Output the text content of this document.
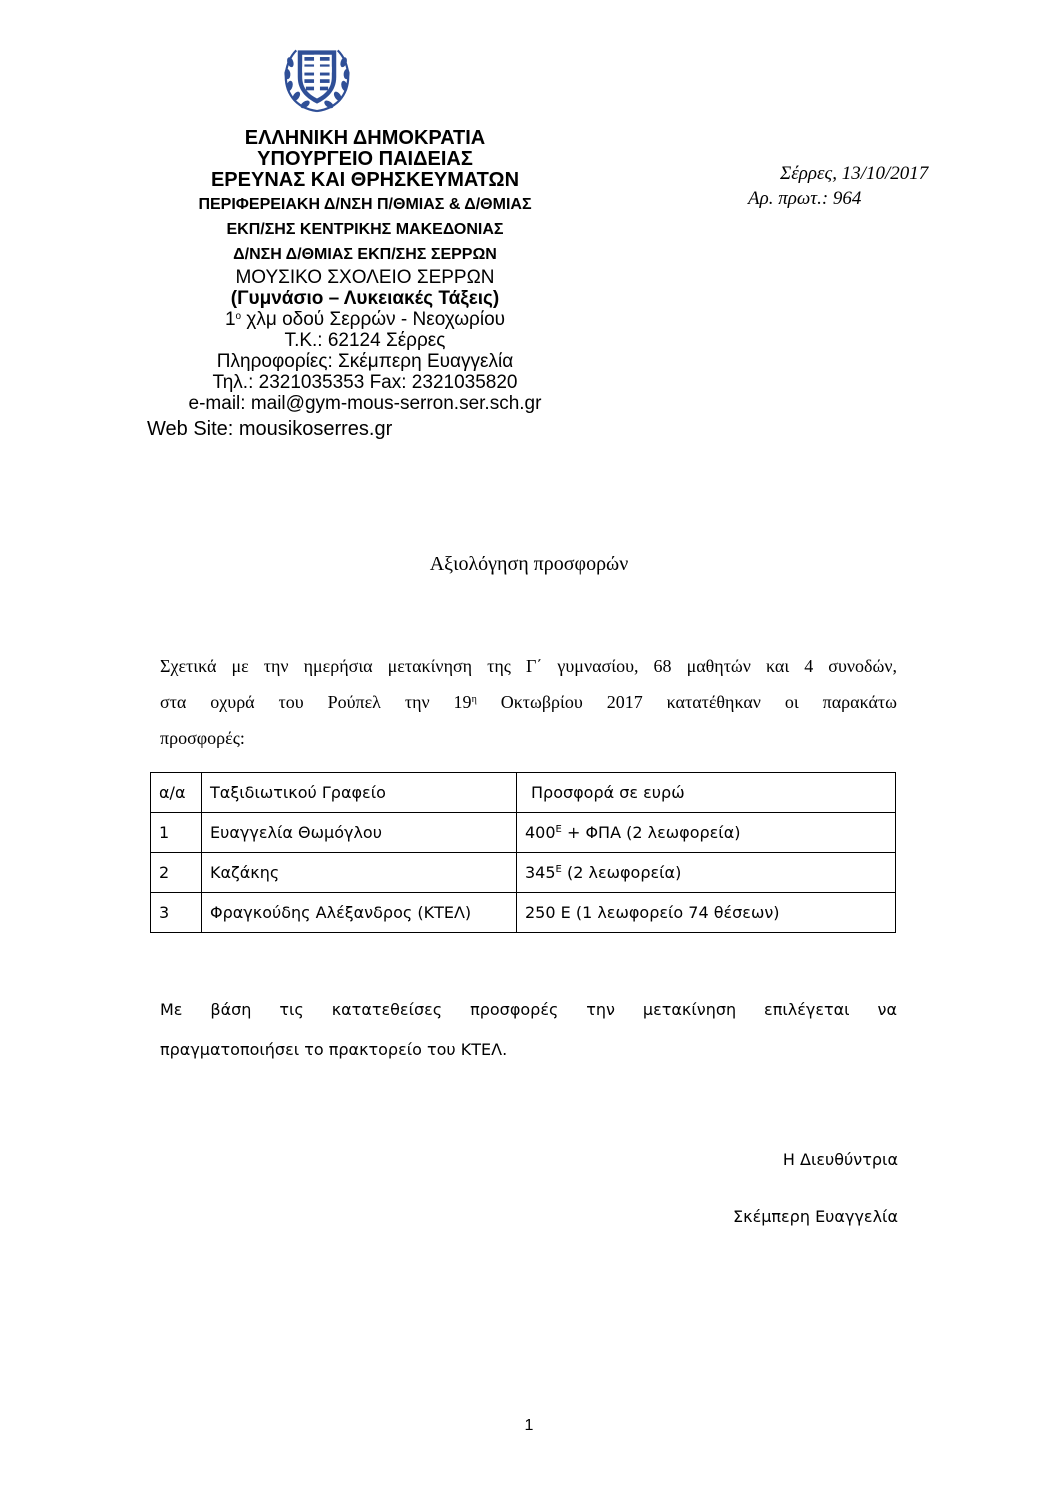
ΕΛΛΗΝΙΚΗ ΔΗΜΟΚΡΑΤΙΑ
ΥΠΟΥΡΓΕΙΟ ΠΑΙΔΕΙΑΣ
ΕΡΕΥΝΑΣ ΚΑΙ ΘΡΗΣΚΕΥΜΑΤΩΝ
ΠΕΡΙΦΕΡΕΙΑΚΗ Δ/ΝΣΗ Π/ΘΜΙΑΣ & Δ/ΘΜΙΑΣ
ΕΚΠ/ΣΗΣ ΚΕΝΤΡΙΚΗΣ ΜΑΚΕΔΟΝΙΑΣ
Δ/ΝΣΗ Δ/ΘΜΙΑΣ ΕΚΠ/ΣΗΣ ΣΕΡΡΩΝ
ΜΟΥΣΙΚΟ ΣΧΟΛΕΙΟ ΣΕΡΡΩΝ
(Γυμνάσιο – Λυκειακές Τάξεις)
$1^o$ χλμ οδού Σερρών - Νεοχωρίου
Τ.Κ.: 62124 Σέρρες
Πληροφορίες: Σκέμπερη Ευαγγελία
Τηλ.: 2321035353 Fax: 2321035820
e-mail: mail@gym-mous-serron.ser.sch.gr
Web Site: mousikoserres.gr
Σέρρες, 13/10/2017
Αρ. πρωτ.: 964
Αξιολόγηση προσφορών
Σχετικά με την ημερήσια μετακίνηση της Γ΄ γυμνασίου, 68 μαθητών και 4 συνοδών,
στα οχυρά του Ρούπελ την $19^\eta$ Οκτωβρίου 2017 κατατέθηκαν οι παρακάτω
προσφορές:
α/α	Ταξιδιωτικού Γραφείο	Προσφορά σε ευρώ
1	Ευαγγελία Θωμόγλου	$400^E + \Phi\Pi A$ (2 λεωφορεία)
2	Καζάκης	$345^E$ (2 λεωφορεία)
3	Φραγκούδης Αλέξανδρος (ΚΤΕΛ)	250 Ε (1 λεωφορείο 74 θέσεων)
Με βάση τις κατατεθείσες προσφορές την μετακίνηση επιλέγεται να
πραγματοποιήσει το πρακτορείο του ΚΤΕΛ.
Η Διευθύντρια
Σκέμπερη Ευαγγελία
1
